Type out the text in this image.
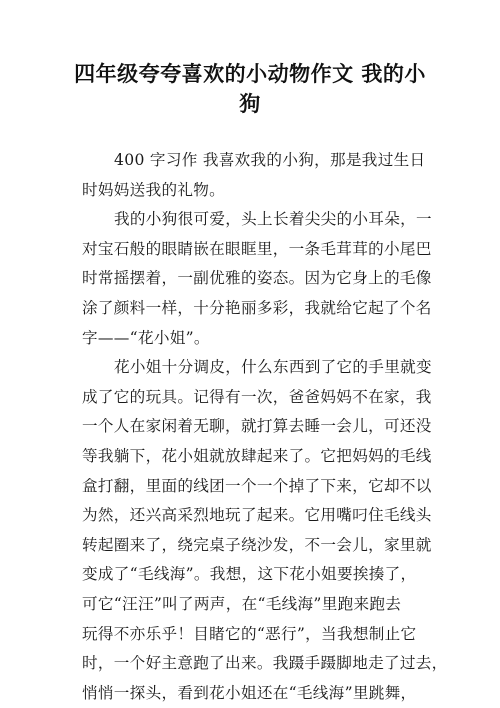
四年级夸夸喜欢的小动物作文 我的小
狗
400 字习作 我喜欢我的小狗，那是我过生日
时妈妈送我的礼物。
我的小狗很可爱，头上长着尖尖的小耳朵，一
对宝石般的眼睛嵌在眼眶里，一条毛茸茸的小尾巴
时常摇摆着，一副优雅的姿态。因为它身上的毛像
涂了颜料一样，十分艳丽多彩，我就给它起了个名
字——“花小姐”。
花小姐十分调皮，什么东西到了它的手里就变
成了它的玩具。记得有一次，爸爸妈妈不在家，我
一个人在家闲着无聊，就打算去睡一会儿，可还没
等我躺下，花小姐就放肆起来了。它把妈妈的毛线
盒打翻，里面的线团一个一个掉了下来，它却不以
为然，还兴高采烈地玩了起来。它用嘴叼住毛线头
转起圈来了，绕完桌子绕沙发，不一会儿，家里就
变成了“毛线海”。我想，这下花小姐要挨揍了，
可它“汪汪”叫了两声，在“毛线海”里跑来跑去
玩得不亦乐乎！目睹它的“恶行”，当我想制止它
时，一个好主意跑了出来。我蹑手蹑脚地走了过去，
悄悄一探头，看到花小姐还在“毛线海”里跳舞，
